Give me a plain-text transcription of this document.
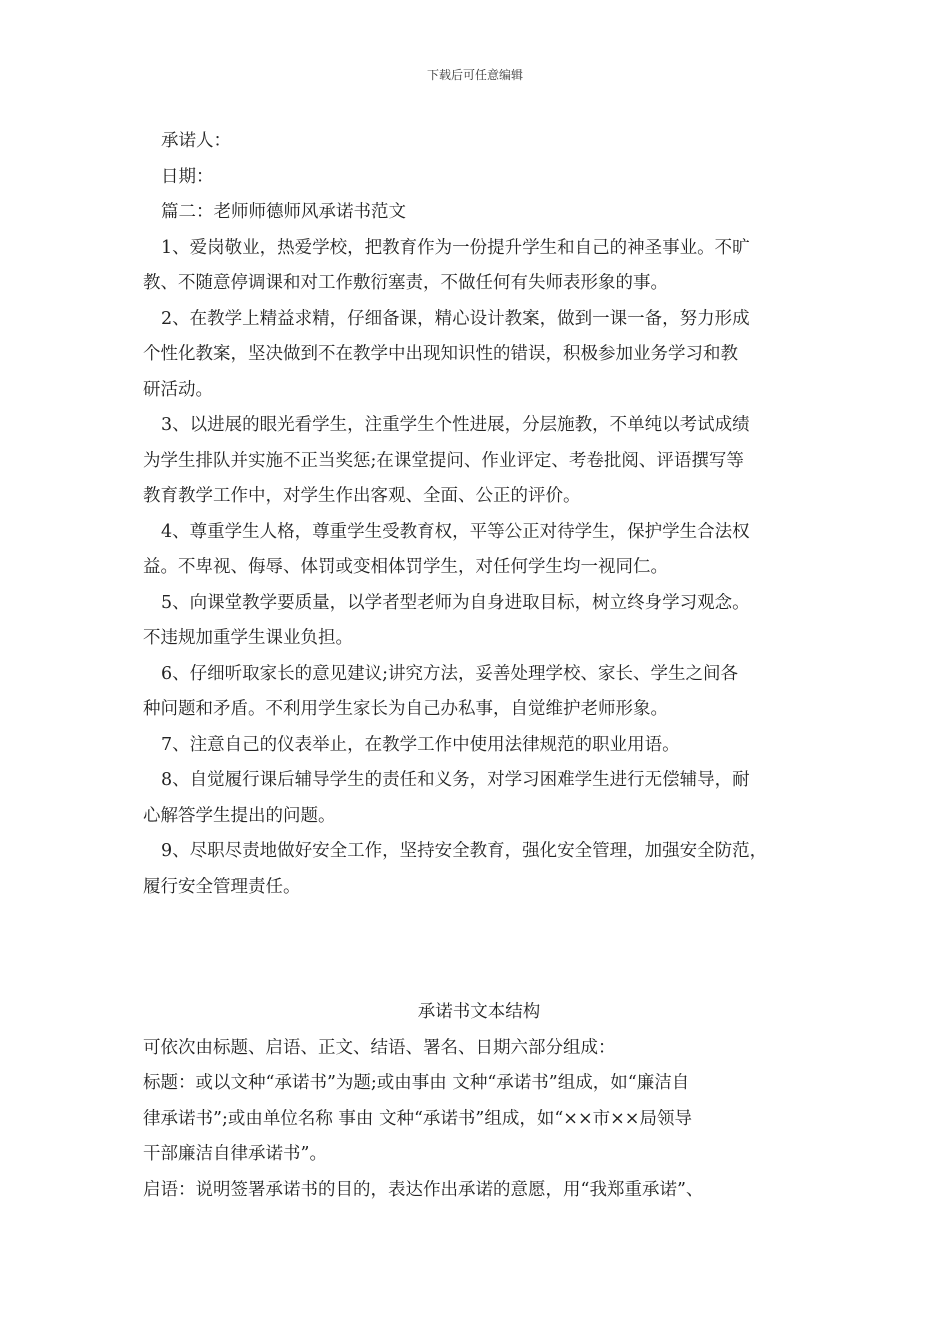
下载后可任意编辑
承诺人：
日期：
篇二：老师师德师风承诺书范文
1、爱岗敬业，热爱学校，把教育作为一份提升学生和自己的神圣事业。不旷
教、不随意停调课和对工作敷衍塞责，不做任何有失师表形象的事。
2、在教学上精益求精，仔细备课，精心设计教案，做到一课一备，努力形成
个性化教案，坚决做到不在教学中出现知识性的错误，积极参加业务学习和教
研活动。
3、以进展的眼光看学生，注重学生个性进展，分层施教，不单纯以考试成绩
为学生排队并实施不正当奖惩;在课堂提问、作业评定、考卷批阅、评语撰写等
教育教学工作中，对学生作出客观、全面、公正的评价。
4、尊重学生人格，尊重学生受教育权，平等公正对待学生，保护学生合法权
益。不卑视、侮辱、体罚或变相体罚学生，对任何学生均一视同仁。
5、向课堂教学要质量，以学者型老师为自身进取目标，树立终身学习观念。
不违规加重学生课业负担。
6、仔细听取家长的意见建议;讲究方法，妥善处理学校、家长、学生之间各
种问题和矛盾。不利用学生家长为自己办私事，自觉维护老师形象。
7、注意自己的仪表举止，在教学工作中使用法律规范的职业用语。
8、自觉履行课后辅导学生的责任和义务，对学习困难学生进行无偿辅导，耐
心解答学生提出的问题。
9、尽职尽责地做好安全工作，坚持安全教育，强化安全管理，加强安全防范，
履行安全管理责任。
承诺书文本结构
可依次由标题、启语、正文、结语、署名、日期六部分组成：
标题：或以文种“承诺书”为题;或由事由 文种“承诺书”组成，如“廉洁自
律承诺书”;或由单位名称 事由 文种“承诺书”组成，如“××市××局领导
干部廉洁自律承诺书”。
启语：说明签署承诺书的目的，表达作出承诺的意愿，用“我郑重承诺”、
